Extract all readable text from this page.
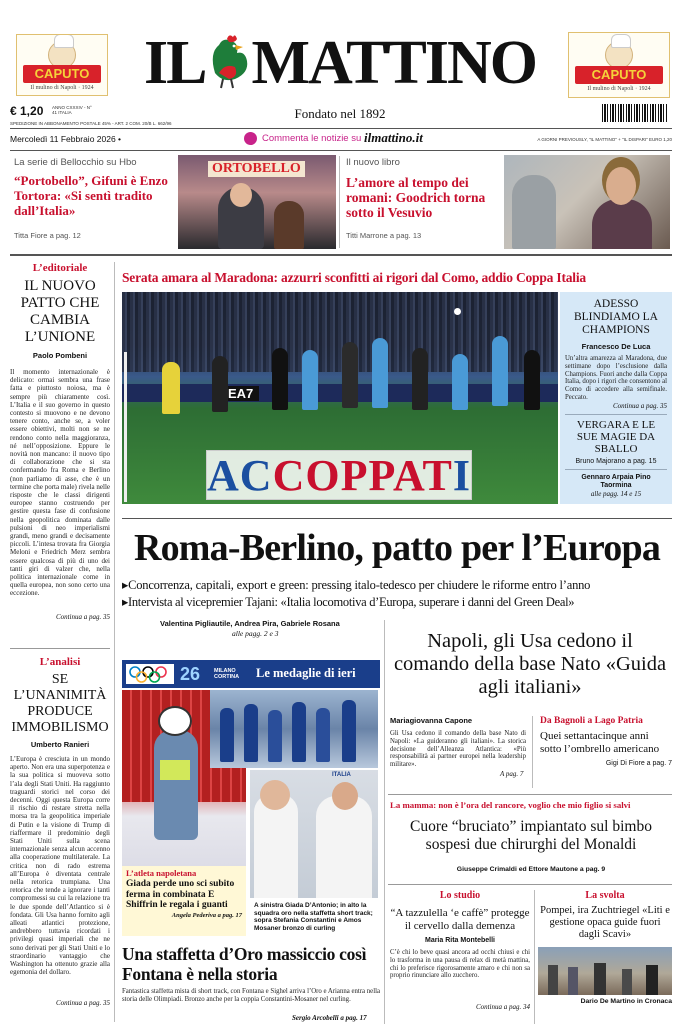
CAPUTO
Il mulino di Napoli · 1924
CAPUTO
Il mulino di Napoli · 1924
IL MATTINO
Fondato nel 1892
€ 1,20 ANNO CXXXIV - N° 41 ITALIA
SPEDIZIONE IN ABBONAMENTO POSTALE 45% - ART. 2 COM. 20/B L. 662/96
Mercoledì 11 Febbraio 2026 •	Commenta le notizie su ilmattino.it	A GIORNI PREVIOUSLY, "IL MATTINO" + "IL DISPARI" EURO 1,20
La serie di Bellocchio su Hbo
“Portobello”, Gifuni è Enzo Tortora: «Si sentì tradito dall’Italia»
Titta Fiore a pag. 12
ORTOBELLO	Il nuovo libro
L’amore al tempo dei romani: Goodrich torna sotto il Vesuvio
Titti Marrone a pag. 13
L’editoriale
IL NUOVO PATTO CHE CAMBIA L’UNIONE
Paolo Pombeni
Il momento internazionale è delicato: ormai sembra una frase fatta e piuttosto noiosa, ma è sempre più chiaramente così. L’Italia e il suo governo in questo contesto si muovono e ne devono tenere conto, anche se, a voler essere obiettivi, molti non se ne rendono conto nella maggioranza, né nell’opposizione. Eppure le novità non mancano: il nuovo tipo di collaborazione che si sta confermando fra Roma e Berlino (non parliamo di asse, che è un termine che porta male) rivela nelle risposte che le classi dirigenti europee stanno costruendo per gestire questa fase di confusione nella geopolitica dominata dalle pulsioni di neo imperialismi grandi, meno grandi e decisamente piccoli. L’intesa trovata fra Giorgia Meloni e Friedrich Merz sembra essere qualcosa di più di uno dei tanti giri di valzer che, nella politica internazionale come in quella europea, non sono certo una eccezione.
Continua a pag. 35
L’analisi
SE L’UNANIMITÀ PRODUCE IMMOBILISMO
Umberto Ranieri
L’Europa è cresciuta in un mondo aperto. Non era una superpotenza e la sua politica si muoveva sotto l’ala degli Stati Uniti. Ha raggiunto traguardi storici nel corso dei decenni. Oggi questa Europa corre il rischio di restare stretta nella morsa tra la geopolitica imperiale di Putin e la visione di Trump di riaffermare il predominio degli Stati Uniti sulla scena internazionale senza alcun accenno alla cooperazione multilaterale. La critica non di rado estrema all’Europa è diventata centrale nella retorica trumpiana. Una retorica che tende a ignorare i tanti compromessi su cui la relazione tra le due sponde dell’Atlantico si è fondata. Gli Usa hanno fornito agli alleati atlantici protezione, andrebbero tuttavia ricordati i privilegi quasi imperiali che ne sono derivati per gli Stati Uniti e lo straordinario vantaggio che Washington ha ottenuto grazie alla egemonia del dollaro.
Continua a pag. 35
Serata amara al Maradona: azzurri sconfitti ai rigori dal Como, addio Coppa Italia
EA7
ACCOPPATI
ADESSO BLINDIAMO LA CHAMPIONS
Francesco De Luca
Un’altra amarezza al Maradona, due settimane dopo l’esclusione dalla Champions. Fuori anche dalla Coppa Italia, dopo i rigori che consentono al Como di accedere alla semifinale. Peccato.
Continua a pag. 35
VERGARA E LE SUE MAGIE DA SBALLO
Bruno Majorano a pag. 15
Gennaro Arpaia Pino Taormina
alle pagg. 14 e 15
Roma-Berlino, patto per l’Europa
▸Concorrenza, capitali, export e green: pressing italo-tedesco per chiudere le riforme entro l’anno
▸Intervista al vicepremier Tajani: «Italia locomotiva d’Europa, superare i danni del Green Deal»
Valentina Pigliautile, Andrea Pira, Gabriele Rosana
alle pagg. 2 e 3
MILANO CORTINA
26	Le medaglie di ieri
ITALIA
L’atleta napoletana
Giada perde uno sci subito ferma in combinata E Shiffrin le regala i guanti
Angela Pederiva a pag. 17
A sinistra Giada D’Antonio; in alto la squadra oro nella staffetta short track; sopra Stefania Constantini e Amos Mosaner bronzo di curling
Una staffetta d’Oro massiccio così Fontana è nella storia
Fantastica staffetta mista di short track, con Fontana e Sighel arriva l’Oro e Arianna entra nella storia delle Olimpiadi. Bronzo anche per la coppia Constantini-Mosaner nel curling.
Sergio Arcobelli a pag. 17
Napoli, gli Usa cedono il comando della base Nato «Guida agli italiani»
Mariagiovanna Capone
Gli Usa cedono il comando della base Nato di Napoli: «La guideranno gli italiani». La storica decisione dell’Alleanza Atlantica: «Più responsabilità ai partner europei nella leadership militare».
A pag. 7
Da Bagnoli a Lago Patria
Quei settantacinque anni sotto l’ombrello americano
Gigi Di Fiore a pag. 7
La mamma: non è l’ora del rancore, voglio che mio figlio si salvi
Cuore “bruciato” impiantato sul bimbo sospesi due chirurghi del Monaldi
Giuseppe Crimaldi ed Ettore Mautone a pag. 9
Lo studio
“A tazzulella ‘e caffè” protegge il cervello dalla demenza
Maria Rita Montebelli
C’è chi lo beve quasi ancora ad occhi chiusi e chi lo trasforma in una pausa di relax di metà mattina, chi lo preferisce rigorosamente amaro e chi non sa proprio rinunciare allo zucchero.
Continua a pag. 34
La svolta
Pompei, ira Zuchtriegel «Liti e gestione opaca guide fuori dagli Scavi»
Dario De Martino in Cronaca
